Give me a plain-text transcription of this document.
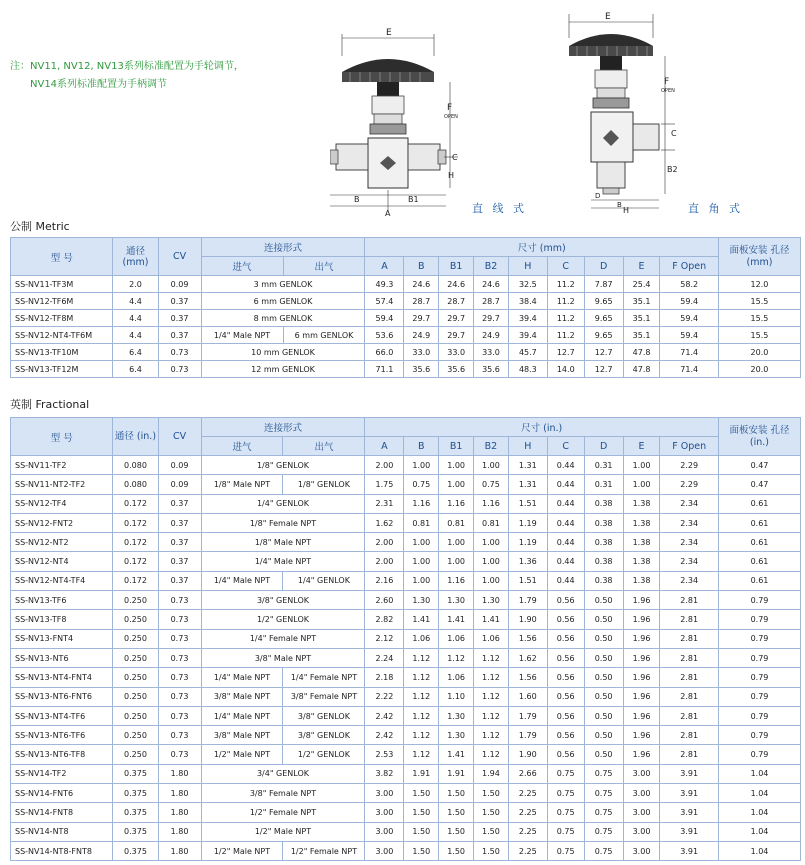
注：NV11, NV12, NV13系列标准配置为手轮调节，
NV14系列标准配置为手柄调节
E
F
OPEN
C
H
B	B1
A	直 线 式
E
F
OPEN
C
B2
D
B
H	直 角 式
公制 Metric
型 号	通径 (mm)	CV	连接形式		尺寸 (mm)									面板安装 孔径 (mm)
			进气	出气	A	B	B1	B2	H	C	D	E	F Open	
SS-NV11-TF3M	2.0	0.09	3 mm GENLOK		49.3	24.6	24.6	24.6	32.5	11.2	7.87	25.4	58.2	12.0
SS-NV12-TF6M	4.4	0.37	6 mm GENLOK		57.4	28.7	28.7	28.7	38.4	11.2	9.65	35.1	59.4	15.5
SS-NV12-TF8M	4.4	0.37	8 mm GENLOK		59.4	29.7	29.7	29.7	39.4	11.2	9.65	35.1	59.4	15.5
SS-NV12-NT4-TF6M	4.4	0.37	1/4" Male NPT	6 mm GENLOK	53.6	24.9	29.7	24.9	39.4	11.2	9.65	35.1	59.4	15.5
SS-NV13-TF10M	6.4	0.73	10 mm GENLOK		66.0	33.0	33.0	33.0	45.7	12.7	12.7	47.8	71.4	20.0
SS-NV13-TF12M	6.4	0.73	12 mm GENLOK		71.1	35.6	35.6	35.6	48.3	14.0	12.7	47.8	71.4	20.0
英制 Fractional
型 号	通径 (in.)	CV	连接形式		尺寸 (in.)									面板安装 孔径 (in.)
			进气	出气	A	B	B1	B2	H	C	D	E	F Open	
SS-NV11-TF2	0.080	0.09	1/8" GENLOK		2.00	1.00	1.00	1.00	1.31	0.44	0.31	1.00	2.29	0.47
SS-NV11-NT2-TF2	0.080	0.09	1/8" Male NPT	1/8" GENLOK	1.75	0.75	1.00	0.75	1.31	0.44	0.31	1.00	2.29	0.47
SS-NV12-TF4	0.172	0.37	1/4" GENLOK		2.31	1.16	1.16	1.16	1.51	0.44	0.38	1.38	2.34	0.61
SS-NV12-FNT2	0.172	0.37	1/8" Female NPT		1.62	0.81	0.81	0.81	1.19	0.44	0.38	1.38	2.34	0.61
SS-NV12-NT2	0.172	0.37	1/8" Male NPT		2.00	1.00	1.00	1.00	1.19	0.44	0.38	1.38	2.34	0.61
SS-NV12-NT4	0.172	0.37	1/4" Male NPT		2.00	1.00	1.00	1.00	1.36	0.44	0.38	1.38	2.34	0.61
SS-NV12-NT4-TF4	0.172	0.37	1/4" Male NPT	1/4" GENLOK	2.16	1.00	1.16	1.00	1.51	0.44	0.38	1.38	2.34	0.61
SS-NV13-TF6	0.250	0.73	3/8" GENLOK		2.60	1.30	1.30	1.30	1.79	0.56	0.50	1.96	2.81	0.79
SS-NV13-TF8	0.250	0.73	1/2" GENLOK		2.82	1.41	1.41	1.41	1.90	0.56	0.50	1.96	2.81	0.79
SS-NV13-FNT4	0.250	0.73	1/4" Female NPT		2.12	1.06	1.06	1.06	1.56	0.56	0.50	1.96	2.81	0.79
SS-NV13-NT6	0.250	0.73	3/8" Male NPT		2.24	1.12	1.12	1.12	1.62	0.56	0.50	1.96	2.81	0.79
SS-NV13-NT4-FNT4	0.250	0.73	1/4" Male NPT	1/4" Female NPT	2.18	1.12	1.06	1.12	1.56	0.56	0.50	1.96	2.81	0.79
SS-NV13-NT6-FNT6	0.250	0.73	3/8" Male NPT	3/8" Female NPT	2.22	1.12	1.10	1.12	1.60	0.56	0.50	1.96	2.81	0.79
SS-NV13-NT4-TF6	0.250	0.73	1/4" Male NPT	3/8" GENLOK	2.42	1.12	1.30	1.12	1.79	0.56	0.50	1.96	2.81	0.79
SS-NV13-NT6-TF6	0.250	0.73	3/8" Male NPT	3/8" GENLOK	2.42	1.12	1.30	1.12	1.79	0.56	0.50	1.96	2.81	0.79
SS-NV13-NT6-TF8	0.250	0.73	1/2" Male NPT	1/2" GENLOK	2.53	1.12	1.41	1.12	1.90	0.56	0.50	1.96	2.81	0.79
SS-NV14-TF2	0.375	1.80	3/4" GENLOK		3.82	1.91	1.91	1.94	2.66	0.75	0.75	3.00	3.91	1.04
SS-NV14-FNT6	0.375	1.80	3/8" Female NPT		3.00	1.50	1.50	1.50	2.25	0.75	0.75	3.00	3.91	1.04
SS-NV14-FNT8	0.375	1.80	1/2" Female NPT		3.00	1.50	1.50	1.50	2.25	0.75	0.75	3.00	3.91	1.04
SS-NV14-NT8	0.375	1.80	1/2" Male NPT		3.00	1.50	1.50	1.50	2.25	0.75	0.75	3.00	3.91	1.04
SS-NV14-NT8-FNT8	0.375	1.80	1/2" Male NPT	1/2" Female NPT	3.00	1.50	1.50	1.50	2.25	0.75	0.75	3.00	3.91	1.04
